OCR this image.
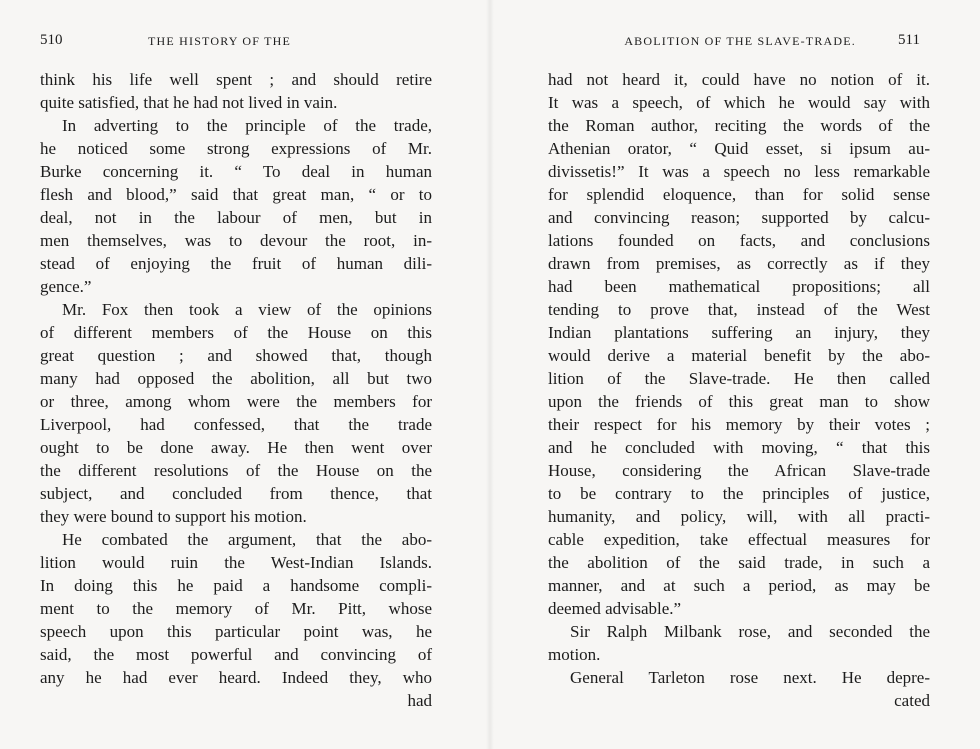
510	THE HISTORY OF THE
think his life well spent ; and should retire
quite satisfied, that he had not lived in vain.
In adverting to the principle of the trade,
he noticed some strong expressions of Mr.
Burke concerning it. “ To deal in human
flesh and blood,” said that great man, “ or to
deal, not in the labour of men, but in
men themselves, was to devour the root, in-
stead of enjoying the fruit of human dili-
gence.”
Mr. Fox then took a view of the opinions
of different members of the House on this
great question ; and showed that, though
many had opposed the abolition, all but two
or three, among whom were the members for
Liverpool, had confessed, that the trade
ought to be done away. He then went over
the different resolutions of the House on the
subject, and concluded from thence, that
they were bound to support his motion.
He combated the argument, that the abo-
lition would ruin the West-Indian Islands.
In doing this he paid a handsome compli-
ment to the memory of Mr. Pitt, whose
speech upon this particular point was, he
said, the most powerful and convincing of
any he had ever heard. Indeed they, who
had
ABOLITION OF THE SLAVE-TRADE.	511
had not heard it, could have no notion of it.
It was a speech, of which he would say with
the Roman author, reciting the words of the
Athenian orator, “ Quid esset, si ipsum au-
divissetis!” It was a speech no less remarkable
for splendid eloquence, than for solid sense
and convincing reason; supported by calcu-
lations founded on facts, and conclusions
drawn from premises, as correctly as if they
had been mathematical propositions; all
tending to prove that, instead of the West
Indian plantations suffering an injury, they
would derive a material benefit by the abo-
lition of the Slave-trade. He then called
upon the friends of this great man to show
their respect for his memory by their votes ;
and he concluded with moving, “ that this
House, considering the African Slave-trade
to be contrary to the principles of justice,
humanity, and policy, will, with all practi-
cable expedition, take effectual measures for
the abolition of the said trade, in such a
manner, and at such a period, as may be
deemed advisable.”
Sir Ralph Milbank rose, and seconded the
motion.
General Tarleton rose next. He depre-
cated
